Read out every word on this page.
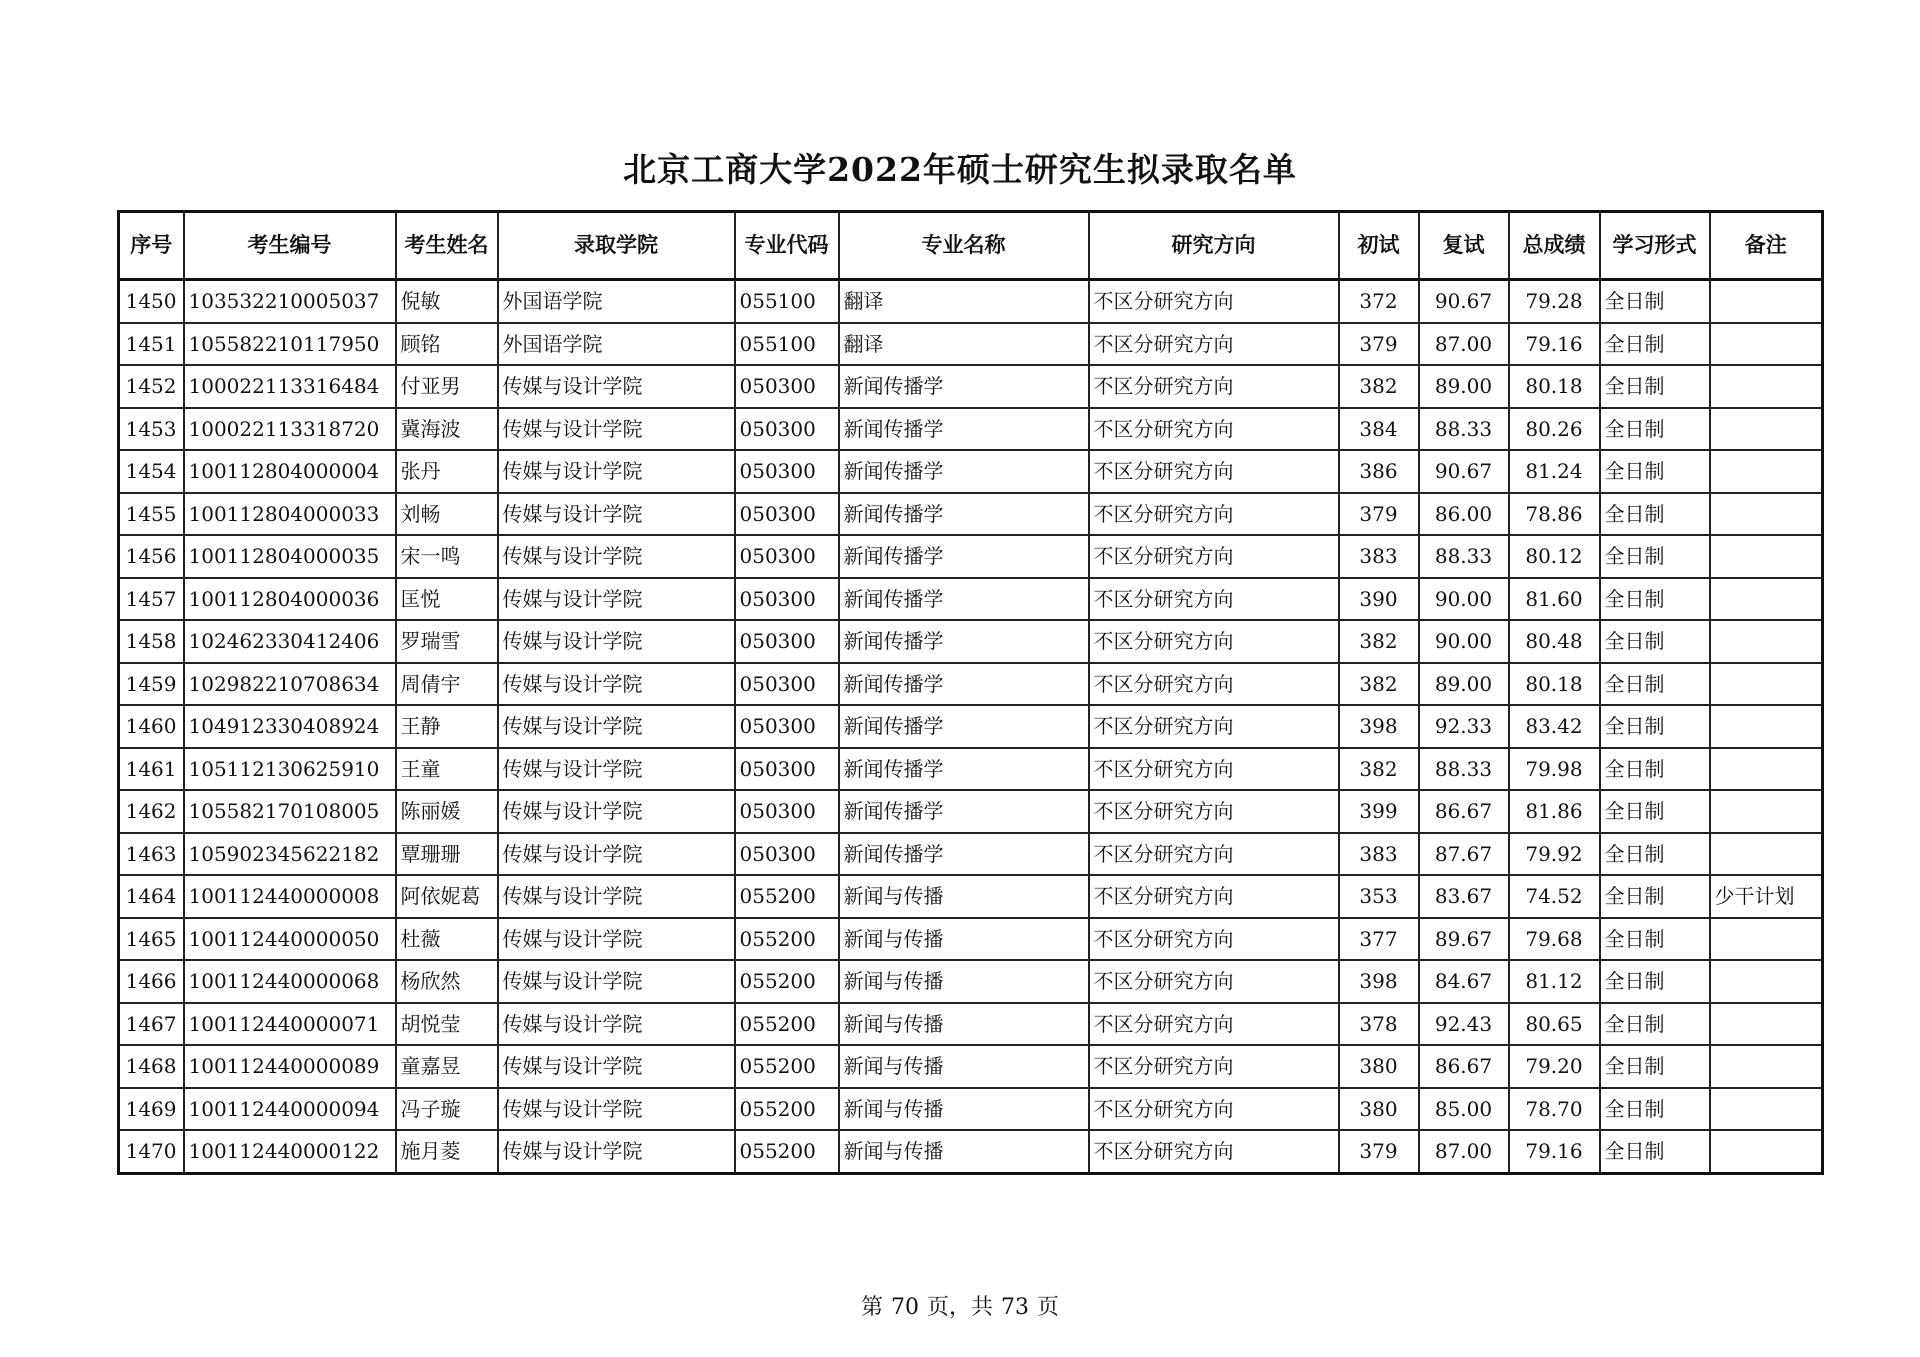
北京工商大学2022年硕士研究生拟录取名单
序号	考生编号	考生姓名	录取学院	专业代码	专业名称	研究方向	初试	复试	总成绩	学习形式	备注
1450	103532210005037	倪敏	外国语学院	055100	翻译	不区分研究方向	372	90.67	79.28	全日制	
1451	105582210117950	顾铭	外国语学院	055100	翻译	不区分研究方向	379	87.00	79.16	全日制	
1452	100022113316484	付亚男	传媒与设计学院	050300	新闻传播学	不区分研究方向	382	89.00	80.18	全日制	
1453	100022113318720	冀海波	传媒与设计学院	050300	新闻传播学	不区分研究方向	384	88.33	80.26	全日制	
1454	100112804000004	张丹	传媒与设计学院	050300	新闻传播学	不区分研究方向	386	90.67	81.24	全日制	
1455	100112804000033	刘畅	传媒与设计学院	050300	新闻传播学	不区分研究方向	379	86.00	78.86	全日制	
1456	100112804000035	宋一鸣	传媒与设计学院	050300	新闻传播学	不区分研究方向	383	88.33	80.12	全日制	
1457	100112804000036	匡悦	传媒与设计学院	050300	新闻传播学	不区分研究方向	390	90.00	81.60	全日制	
1458	102462330412406	罗瑞雪	传媒与设计学院	050300	新闻传播学	不区分研究方向	382	90.00	80.48	全日制	
1459	102982210708634	周倩宇	传媒与设计学院	050300	新闻传播学	不区分研究方向	382	89.00	80.18	全日制	
1460	104912330408924	王静	传媒与设计学院	050300	新闻传播学	不区分研究方向	398	92.33	83.42	全日制	
1461	105112130625910	王童	传媒与设计学院	050300	新闻传播学	不区分研究方向	382	88.33	79.98	全日制	
1462	105582170108005	陈丽媛	传媒与设计学院	050300	新闻传播学	不区分研究方向	399	86.67	81.86	全日制	
1463	105902345622182	覃珊珊	传媒与设计学院	050300	新闻传播学	不区分研究方向	383	87.67	79.92	全日制	
1464	100112440000008	阿依妮葛	传媒与设计学院	055200	新闻与传播	不区分研究方向	353	83.67	74.52	全日制	少干计划
1465	100112440000050	杜薇	传媒与设计学院	055200	新闻与传播	不区分研究方向	377	89.67	79.68	全日制	
1466	100112440000068	杨欣然	传媒与设计学院	055200	新闻与传播	不区分研究方向	398	84.67	81.12	全日制	
1467	100112440000071	胡悦莹	传媒与设计学院	055200	新闻与传播	不区分研究方向	378	92.43	80.65	全日制	
1468	100112440000089	童嘉昱	传媒与设计学院	055200	新闻与传播	不区分研究方向	380	86.67	79.20	全日制	
1469	100112440000094	冯子璇	传媒与设计学院	055200	新闻与传播	不区分研究方向	380	85.00	78.70	全日制	
1470	100112440000122	施月菱	传媒与设计学院	055200	新闻与传播	不区分研究方向	379	87.00	79.16	全日制	
第 70 页，共 73 页
